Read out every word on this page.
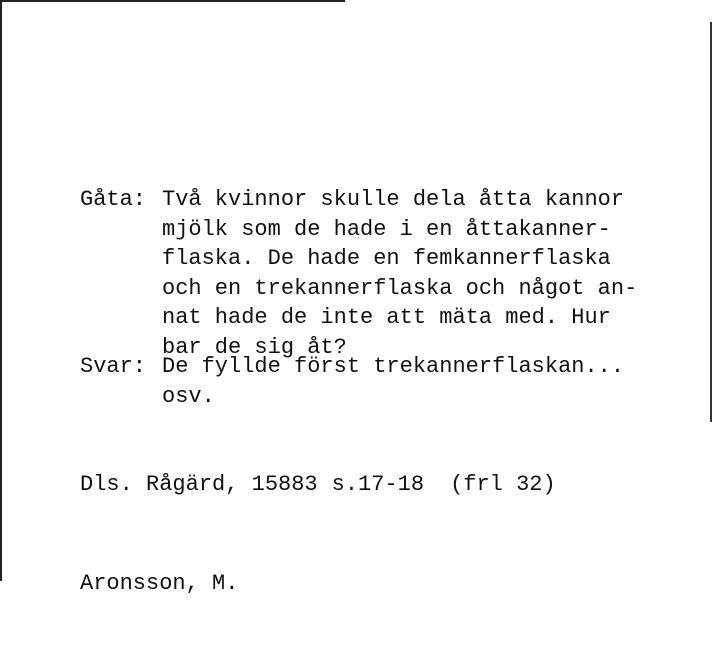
Gåta: Två kvinnor skulle dela åtta kannor
mjölk som de hade i en åttakanner-
flaska. De hade en femkannerflaska
och en trekannerflaska och något an-
nat hade de inte att mäta med. Hur
bar de sig åt?

Svar: De fyllde först trekannerflaskan...
osv.

Dls. Rågärd, 15883 s.17-18 (frl 32)

Aronsson, M.
